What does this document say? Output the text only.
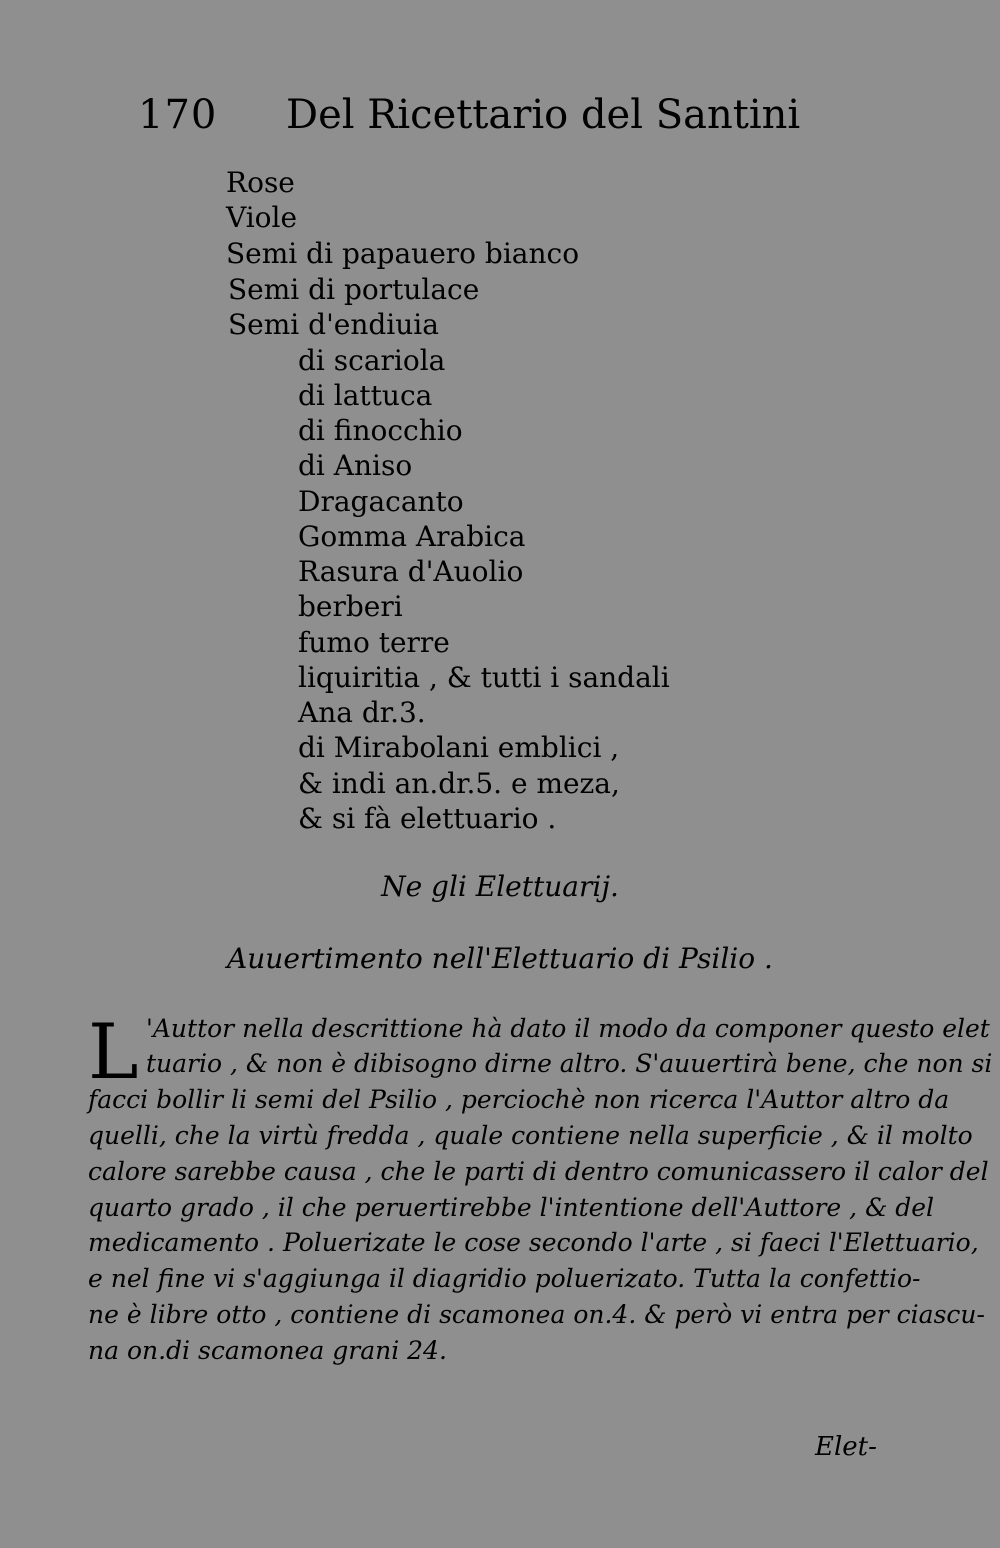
170 Del Ricettario del Santini
Rose
Viole
Semi di papauero bianco
Semi di portulace
Semi d'endiuia
di scariola
di lattuca
di finocchio
di Aniso
Dragacanto
Gomma Arabica
Rasura d'Auolio
berberi
fumo terre
liquiritia , & tutti i sandali
Ana dr.3.
di Mirabolani emblici ,
& indi an.dr.5. e meza,
& si fà elettuario .
Ne gli Elettuarij.
Auuertimento nell'Elettuario di Psilio .
L 'Auttor nella descrittione hà dato il modo da componer questo elet
tuario , & non è dibisogno dirne altro. S'auuertirà bene, che non si
facci bollir li semi del Psilio , perciochè non ricerca l'Auttor altro da
quelli, che la virtù fredda , quale contiene nella superficie , & il molto
calore sarebbe causa , che le parti di dentro comunicassero il calor del
quarto grado , il che peruertirebbe l'intentione dell'Auttore , & del
medicamento . Poluerizate le cose secondo l'arte , si faeci l'Elettuario,
e nel fine vi s'aggiunga il diagridio poluerizato. Tutta la confettio-
ne è libre otto , contiene di scamonea on.4. & però vi entra per ciascu-
na on.di scamonea grani 24.
Elet-
